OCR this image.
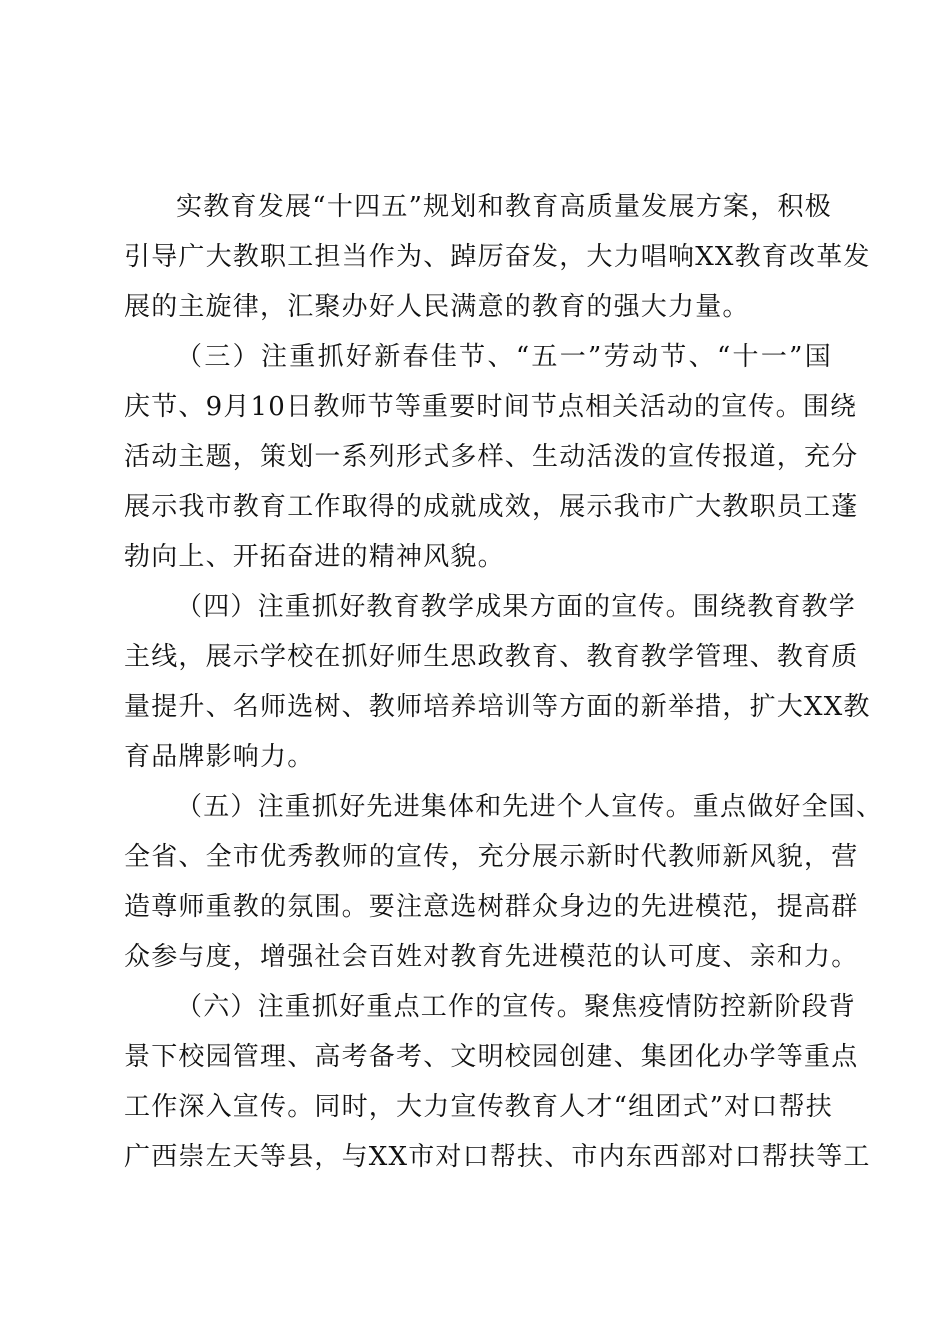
实教育发展“十四五”规划和教育高质量发展方案，积极
引导广大教职工担当作为、踔厉奋发，大力唱响XX教育改革发
展的主旋律，汇聚办好人民满意的教育的强大力量。
（三）注重抓好新春佳节、“五一”劳动节、“十一”国
庆节、9月10日教师节等重要时间节点相关活动的宣传。围绕
活动主题，策划一系列形式多样、生动活泼的宣传报道，充分
展示我市教育工作取得的成就成效，展示我市广大教职员工蓬
勃向上、开拓奋进的精神风貌。
（四）注重抓好教育教学成果方面的宣传。围绕教育教学
主线，展示学校在抓好师生思政教育、教育教学管理、教育质
量提升、名师选树、教师培养培训等方面的新举措，扩大XX教
育品牌影响力。
（五）注重抓好先进集体和先进个人宣传。重点做好全国、
全省、全市优秀教师的宣传，充分展示新时代教师新风貌，营
造尊师重教的氛围。要注意选树群众身边的先进模范，提高群
众参与度，增强社会百姓对教育先进模范的认可度、亲和力。
（六）注重抓好重点工作的宣传。聚焦疫情防控新阶段背
景下校园管理、高考备考、文明校园创建、集团化办学等重点
工作深入宣传。同时，大力宣传教育人才“组团式”对口帮扶
广西崇左天等县，与XX市对口帮扶、市内东西部对口帮扶等工
